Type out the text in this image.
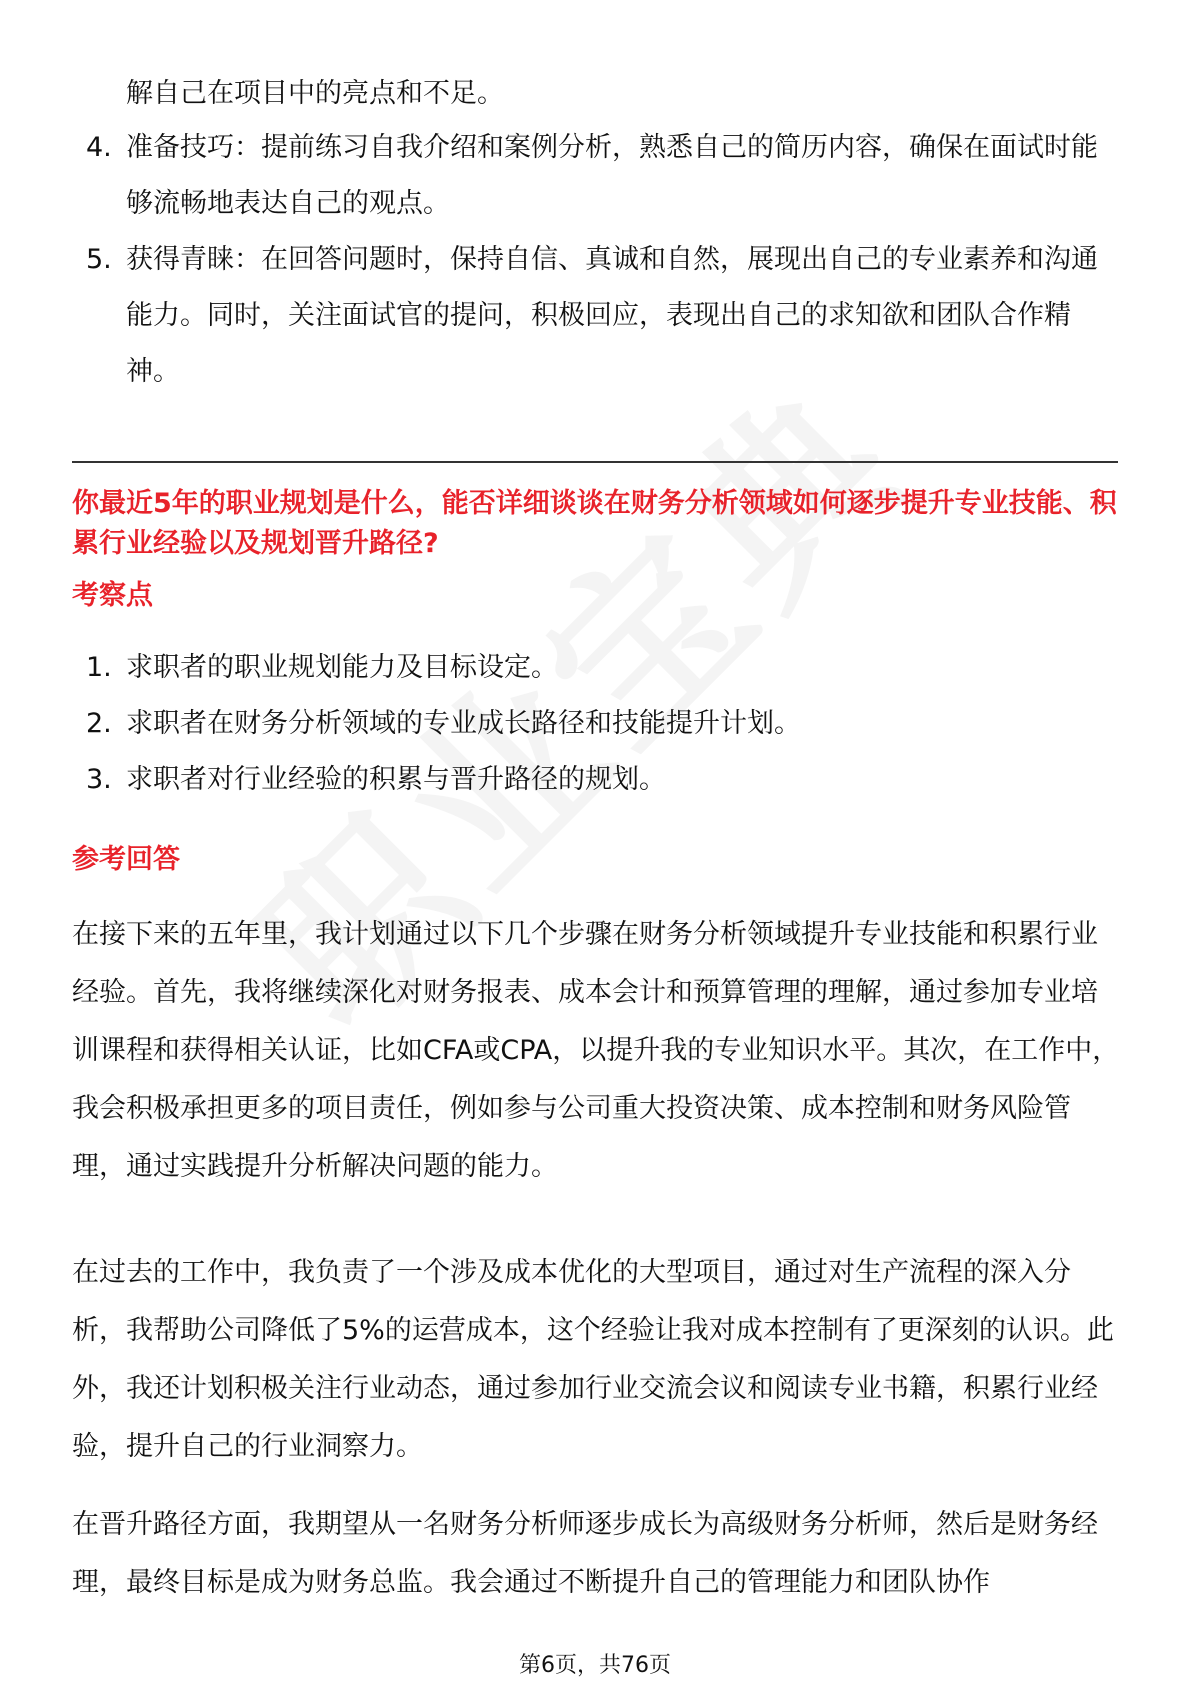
解自己在项目中的亮点和不足。

4. 准备技巧：提前练习自我介绍和案例分析，熟悉自己的简历内容，确保在面试时能够流畅地表达自己的观点。
5. 获得青睐：在回答问题时，保持自信、真诚和自然，展现出自己的专业素养和沟通能力。同时，关注面试官的提问，积极回应，表现出自己的求知欲和团队合作精神。

你最近5年的职业规划是什么，能否详细谈谈在财务分析领域如何逐步提升专业技能、积累行业经验以及规划晋升路径?

考察点

1. 求职者的职业规划能力及目标设定。
2. 求职者在财务分析领域的专业成长路径和技能提升计划。
3. 求职者对行业经验的积累与晋升路径的规划。

参考回答

在接下来的五年里，我计划通过以下几个步骤在财务分析领域提升专业技能和积累行业经验。首先，我将继续深化对财务报表、成本会计和预算管理的理解，通过参加专业培训课程和获得相关认证，比如CFA或CPA，以提升我的专业知识水平。其次，在工作中，我会积极承担更多的项目责任，例如参与公司重大投资决策、成本控制和财务风险管理，通过实践提升分析解决问题的能力。

在过去的工作中，我负责了一个涉及成本优化的大型项目，通过对生产流程的深入分析，我帮助公司降低了5%的运营成本，这个经验让我对成本控制有了更深刻的认识。此外，我还计划积极关注行业动态，通过参加行业交流会议和阅读专业书籍，积累行业经验，提升自己的行业洞察力。

在晋升路径方面，我期望从一名财务分析师逐步成长为高级财务分析师，然后是财务经理，最终目标是成为财务总监。我会通过不断提升自己的管理能力和团队协作

第6页，共76页
